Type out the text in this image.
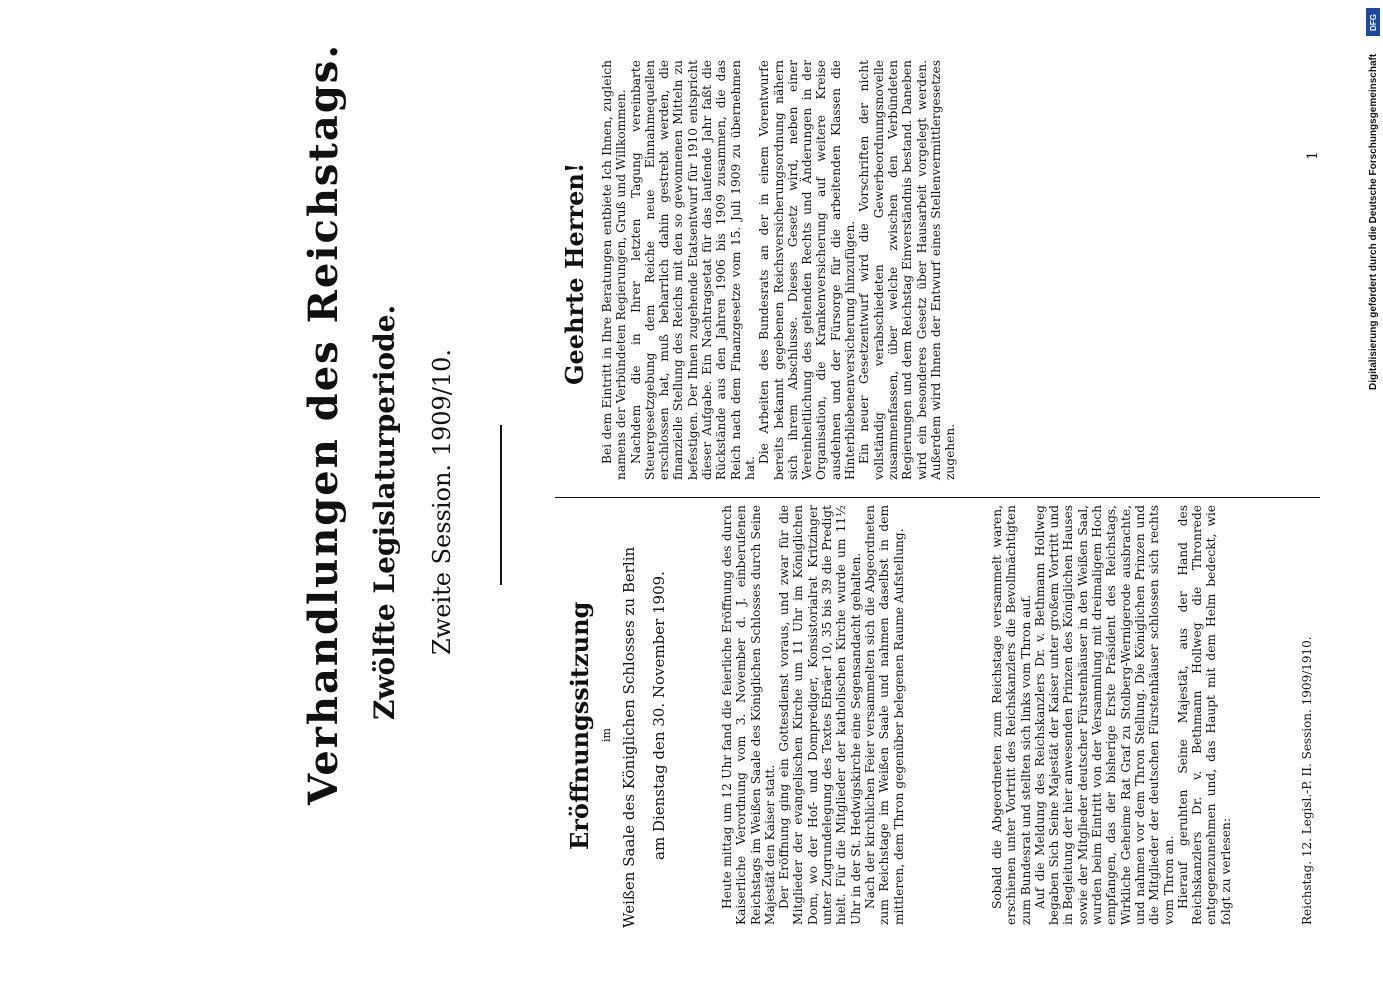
Verhandlungen des Reichstags. Zwölfte Legislaturperiode. Zweite Session. 1909/10.
Eröffnungssitzung im Weißen Saale des Königlichen Schlosses zu Berlin am Dienstag den 30. November 1909.	Heute mittag um 12 Uhr fand die feierliche Eröffnung des durch Kaiserliche Verordnung vom 3. November d. J. einberufenen Reichstags im Weißen Saale des Königlichen Schlosses durch Seine Majestät den Kaiser statt. Der Eröffnung ging ein Gottesdienst voraus, und zwar für die Mitglieder der evangelischen Kirche um 11 Uhr im Königlichen Dom, wo der Hof- und Domprediger, Konsistorialrat Kritzinger unter Zugrundelegung des Textes Ebräer 10, 35 bis 39 die Predigt hielt. Für die Mitglieder der katholischen Kirche wurde um 11½ Uhr in der St. Hedwigskirche eine Segensandacht gehalten. Nach der kirchlichen Feier versammelten sich die Abgeordneten zum Reichstage im Weißen Saale und nahmen daselbst in dem mittleren, dem Thron gegenüber belegenen Raume Aufstellung.	Sobald die Abgeordneten zum Reichstage versammelt waren, erschienen unter Vortritt des Reichskanzlers die Bevollmächtigten zum Bundesrat und stellten sich links vom Thron auf. Auf die Meldung des Reichskanzlers Dr. v. Bethmann Hollweg begaben Sich Seine Majestät der Kaiser unter großem Vortritt und in Begleitung der hier anwesenden Prinzen des Königlichen Hauses sowie der Mitglieder deutscher Fürstenhäuser in den Weißen Saal, wurden beim Eintritt von der Versammlung mit dreimaligem Hoch empfangen, das der bisherige Erste Präsident des Reichstags, Wirkliche Geheime Rat Graf zu Stolberg-Wernigerode ausbrachte, und nahmen vor dem Thron Stellung. Die Königlichen Prinzen und die Mitglieder der deutschen Fürstenhäuser schlossen sich rechts vom Thron an. Hierauf geruhten Seine Majestät, aus der Hand des Reichskanzlers Dr. v. Bethmann Hollweg die Thronrede entgegenzunehmen und, das Haupt mit dem Helm bedeckt, wie folgt zu verlesen:	Reichstag. 12. Legisl.-P. II. Session. 1909/1910.
Geehrte Herren! Bei dem Eintritt in Ihre Beratungen entbiete Ich Ihnen, zugleich namens der Verbündeten Regierungen, Gruß und Willkommen. Nachdem die in Ihrer letzten Tagung vereinbarte Steuergesetzgebung dem Reiche neue Einnahmequellen erschlossen hat, muß beharrlich dahin gestrebt werden, die finanzielle Stellung des Reichs mit den so gewonnenen Mitteln zu befestigen. Der Ihnen zugehende Etatsentwurf für 1910 entspricht dieser Aufgabe. Ein Nachtragsetat für das laufende Jahr faßt die Rückstände aus den Jahren 1906 bis 1909 zusammen, die das Reich nach dem Finanzgesetze vom 15. Juli 1909 zu übernehmen hat.

Die Arbeiten des Bundesrats an der in einem Vorentwurfe bereits bekannt gegebenen Reichsversicherungsordnung nähern sich ihrem Abschlusse. Dieses Gesetz wird, neben einer Vereinheitlichung des geltenden Rechts und Änderungen in der Organisation, die Krankenversicherung auf weitere Kreise ausdehnen und der Fürsorge für die arbeitenden Klassen die Hinterbliebenenversicherung hinzufügen. Ein neuer Gesetzentwurf wird die Vorschriften der nicht vollständig verabschiedeten Gewerbeordnungsnovelle zusammenfassen, über welche zwischen den Verbündeten Regierungen und dem Reichstag Einverständnis bestand. Daneben wird ein besonderes Gesetz über Hausarbeit vorgelegt werden. Außerdem wird Ihnen der Entwurf eines Stellenvermittlergesetzes zugehen.

1	Digitalisierung gefördert durch die Deutsche Forschungsgemeinschaft
DFG
